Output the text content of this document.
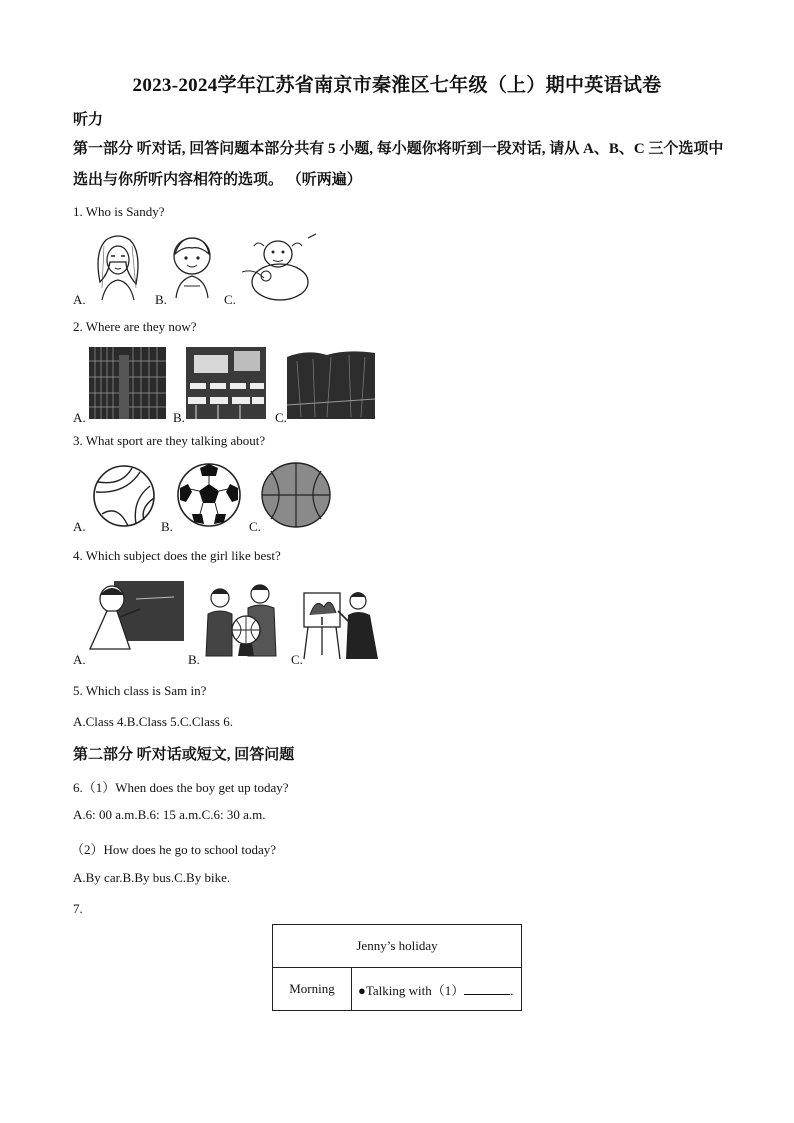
2023-2024学年江苏省南京市秦淮区七年级（上）期中英语试卷
听力
第一部分 听对话, 回答问题本部分共有 5 小题, 每小题你将听到一段对话, 请从 A、B、C 三个选项中选出与你所听内容相符的选项。 （听两遍）
1. Who is Sandy?
A.	B.	C.
2. Where are they now?
A.	B.	C.
3. What sport are they talking about?
A.	B.	C.
4. Which subject does the girl like best?
A.	B.	C.
5. Which class is Sam in?
A.Class 4.B.Class 5.C.Class 6.
第二部分 听对话或短文, 回答问题
6.（1）When does the boy get up today?
A.6: 00 a.m.B.6: 15 a.m.C.6: 30 a.m.
（2）How does he go to school today?
A.By car.B.By bus.C.By bike.
7.
Jenny’s holiday
Morning	●Talking with（1）	.
